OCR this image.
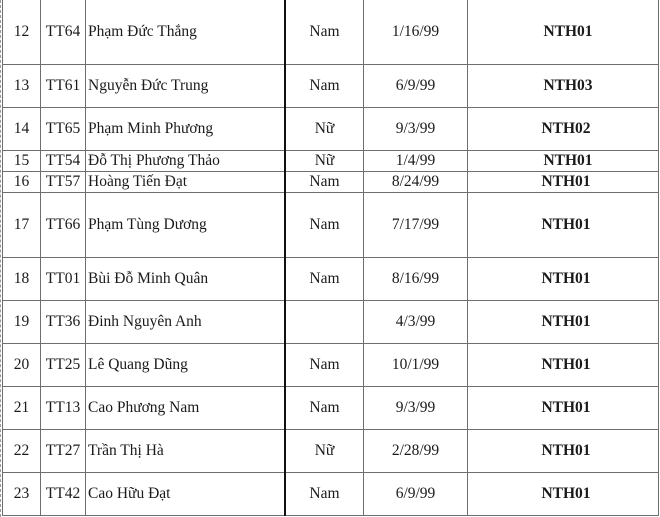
12	TT64	Phạm Đức Thắng	Nam	1/16/99	NTH01
13	TT61	Nguyễn Đức Trung	Nam	6/9/99	NTH03
14	TT65	Phạm Minh Phương	Nữ	9/3/99	NTH02
15	TT54	Đỗ Thị Phương Thảo	Nữ	1/4/99	NTH01
16	TT57	Hoàng Tiến Đạt	Nam	8/24/99	NTH01
17	TT66	Phạm Tùng Dương	Nam	7/17/99	NTH01
18	TT01	Bùi Đỗ Minh Quân	Nam	8/16/99	NTH01
19	TT36	Đinh Nguyên Anh		4/3/99	NTH01
20	TT25	Lê Quang Dũng	Nam	10/1/99	NTH01
21	TT13	Cao Phương Nam	Nam	9/3/99	NTH01
22	TT27	Trần Thị Hà	Nữ	2/28/99	NTH01
23	TT42	Cao Hữu Đạt	Nam	6/9/99	NTH01
